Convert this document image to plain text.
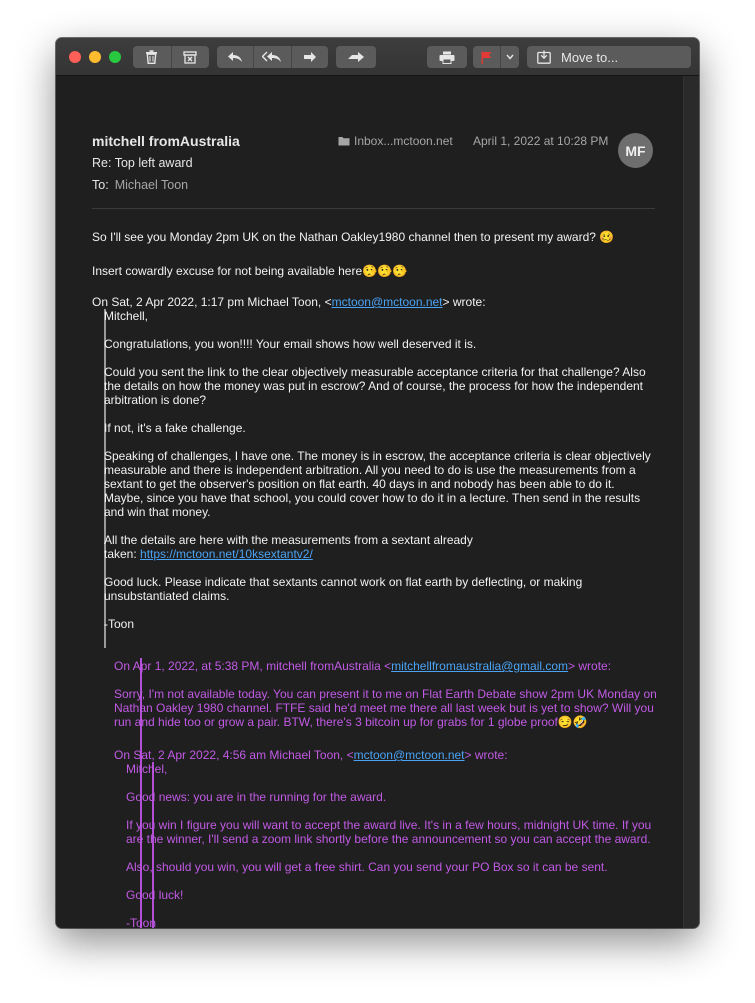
Move to...
mitchell fromAustralia	Inbox...mctoon.net April 1, 2022 at 10:28 PM
MF
Re: Top left award
To: Michael Toon

So I'll see you Monday 2pm UK on the Nathan Oakley1980 channel then to present my award? 🥴

Insert cowardly excuse for not being available here🤥🤥🤥

On Sat, 2 Apr 2022, 1:17 pm Michael Toon, <mctoon@mctoon.net> wrote:

Mitchell,

Congratulations, you won!!!! Your email shows how well deserved it is.

Could you sent the link to the clear objectively measurable acceptance criteria for that challenge? Also

the details on how the money was put in escrow? And of course, the process for how the independent

arbitration is done?

If not, it's a fake challenge.

Speaking of challenges, I have one. The money is in escrow, the acceptance criteria is clear objectively

measurable and there is independent arbitration. All you need to do is use the measurements from a

sextant to get the observer's position on flat earth. 40 days in and nobody has been able to do it.

Maybe, since you have that school, you could cover how to do it in a lecture. Then send in the results

and win that money.

All the details are here with the measurements from a sextant already

taken: https://mctoon.net/10ksextantv2/

Good luck. Please indicate that sextants cannot work on flat earth by deflecting, or making

unsubstantiated claims.

-Toon

On Apr 1, 2022, at 5:38 PM, mitchell fromAustralia <mitchellfromaustralia@gmail.com> wrote:

Sorry, I'm not available today. You can present it to me on Flat Earth Debate show 2pm UK Monday on

Nathan Oakley 1980 channel. FTFE said he'd meet me there all last week but is yet to show? Will you

run and hide too or grow a pair. BTW, there's 3 bitcoin up for grabs for 1 globe proof😏🤣

On Sat, 2 Apr 2022, 4:56 am Michael Toon, <mctoon@mctoon.net> wrote:

Mitchel,

Good news: you are in the running for the award.

If you win I figure you will want to accept the award live. It's in a few hours, midnight UK time. If you

are the winner, I'll send a zoom link shortly before the announcement so you can accept the award.

Also, should you win, you will get a free shirt. Can you send your PO Box so it can be sent.

Good luck!

-Toon
